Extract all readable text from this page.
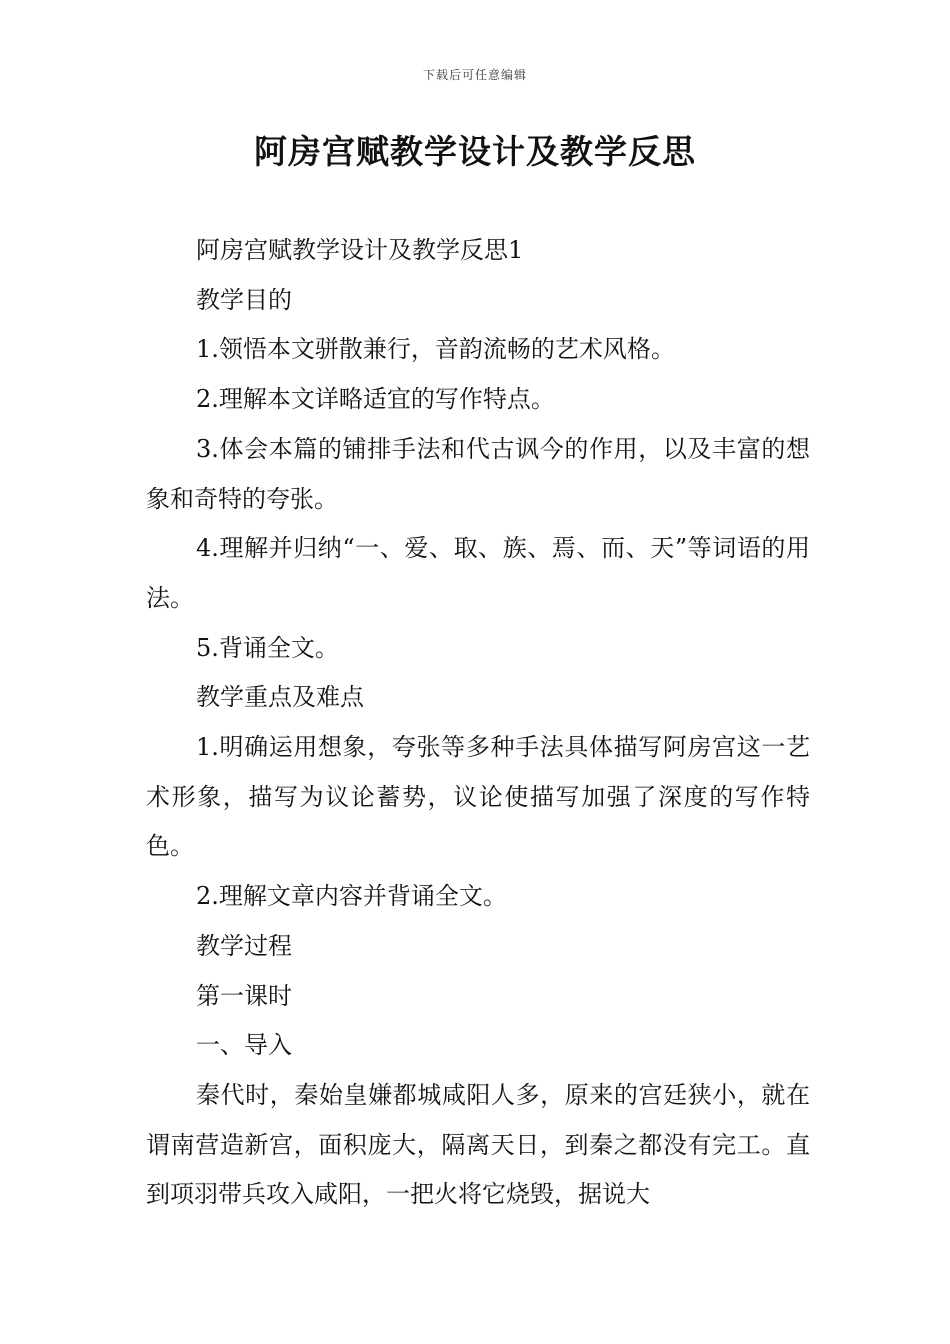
下载后可任意编辑
阿房宫赋教学设计及教学反思

阿房宫赋教学设计及教学反思1

教学目的

1.领悟本文骈散兼行，音韵流畅的艺术风格。

2.理解本文详略适宜的写作特点。

3.体会本篇的铺排手法和代古讽今的作用，以及丰富的想象和奇特的夸张。

4.理解并归纳“一、爱、取、族、焉、而、天”等词语的用法。

5.背诵全文。

教学重点及难点

1.明确运用想象，夸张等多种手法具体描写阿房宫这一艺术形象，描写为议论蓄势，议论使描写加强了深度的写作特色。

2.理解文章内容并背诵全文。

教学过程

第一课时

一、导入

秦代时，秦始皇嫌都城咸阳人多，原来的宫廷狭小，就在谓南营造新宫，面积庞大，隔离天日，到秦之都没有完工。直到项羽带兵攻入咸阳，一把火将它烧毁，据说大
